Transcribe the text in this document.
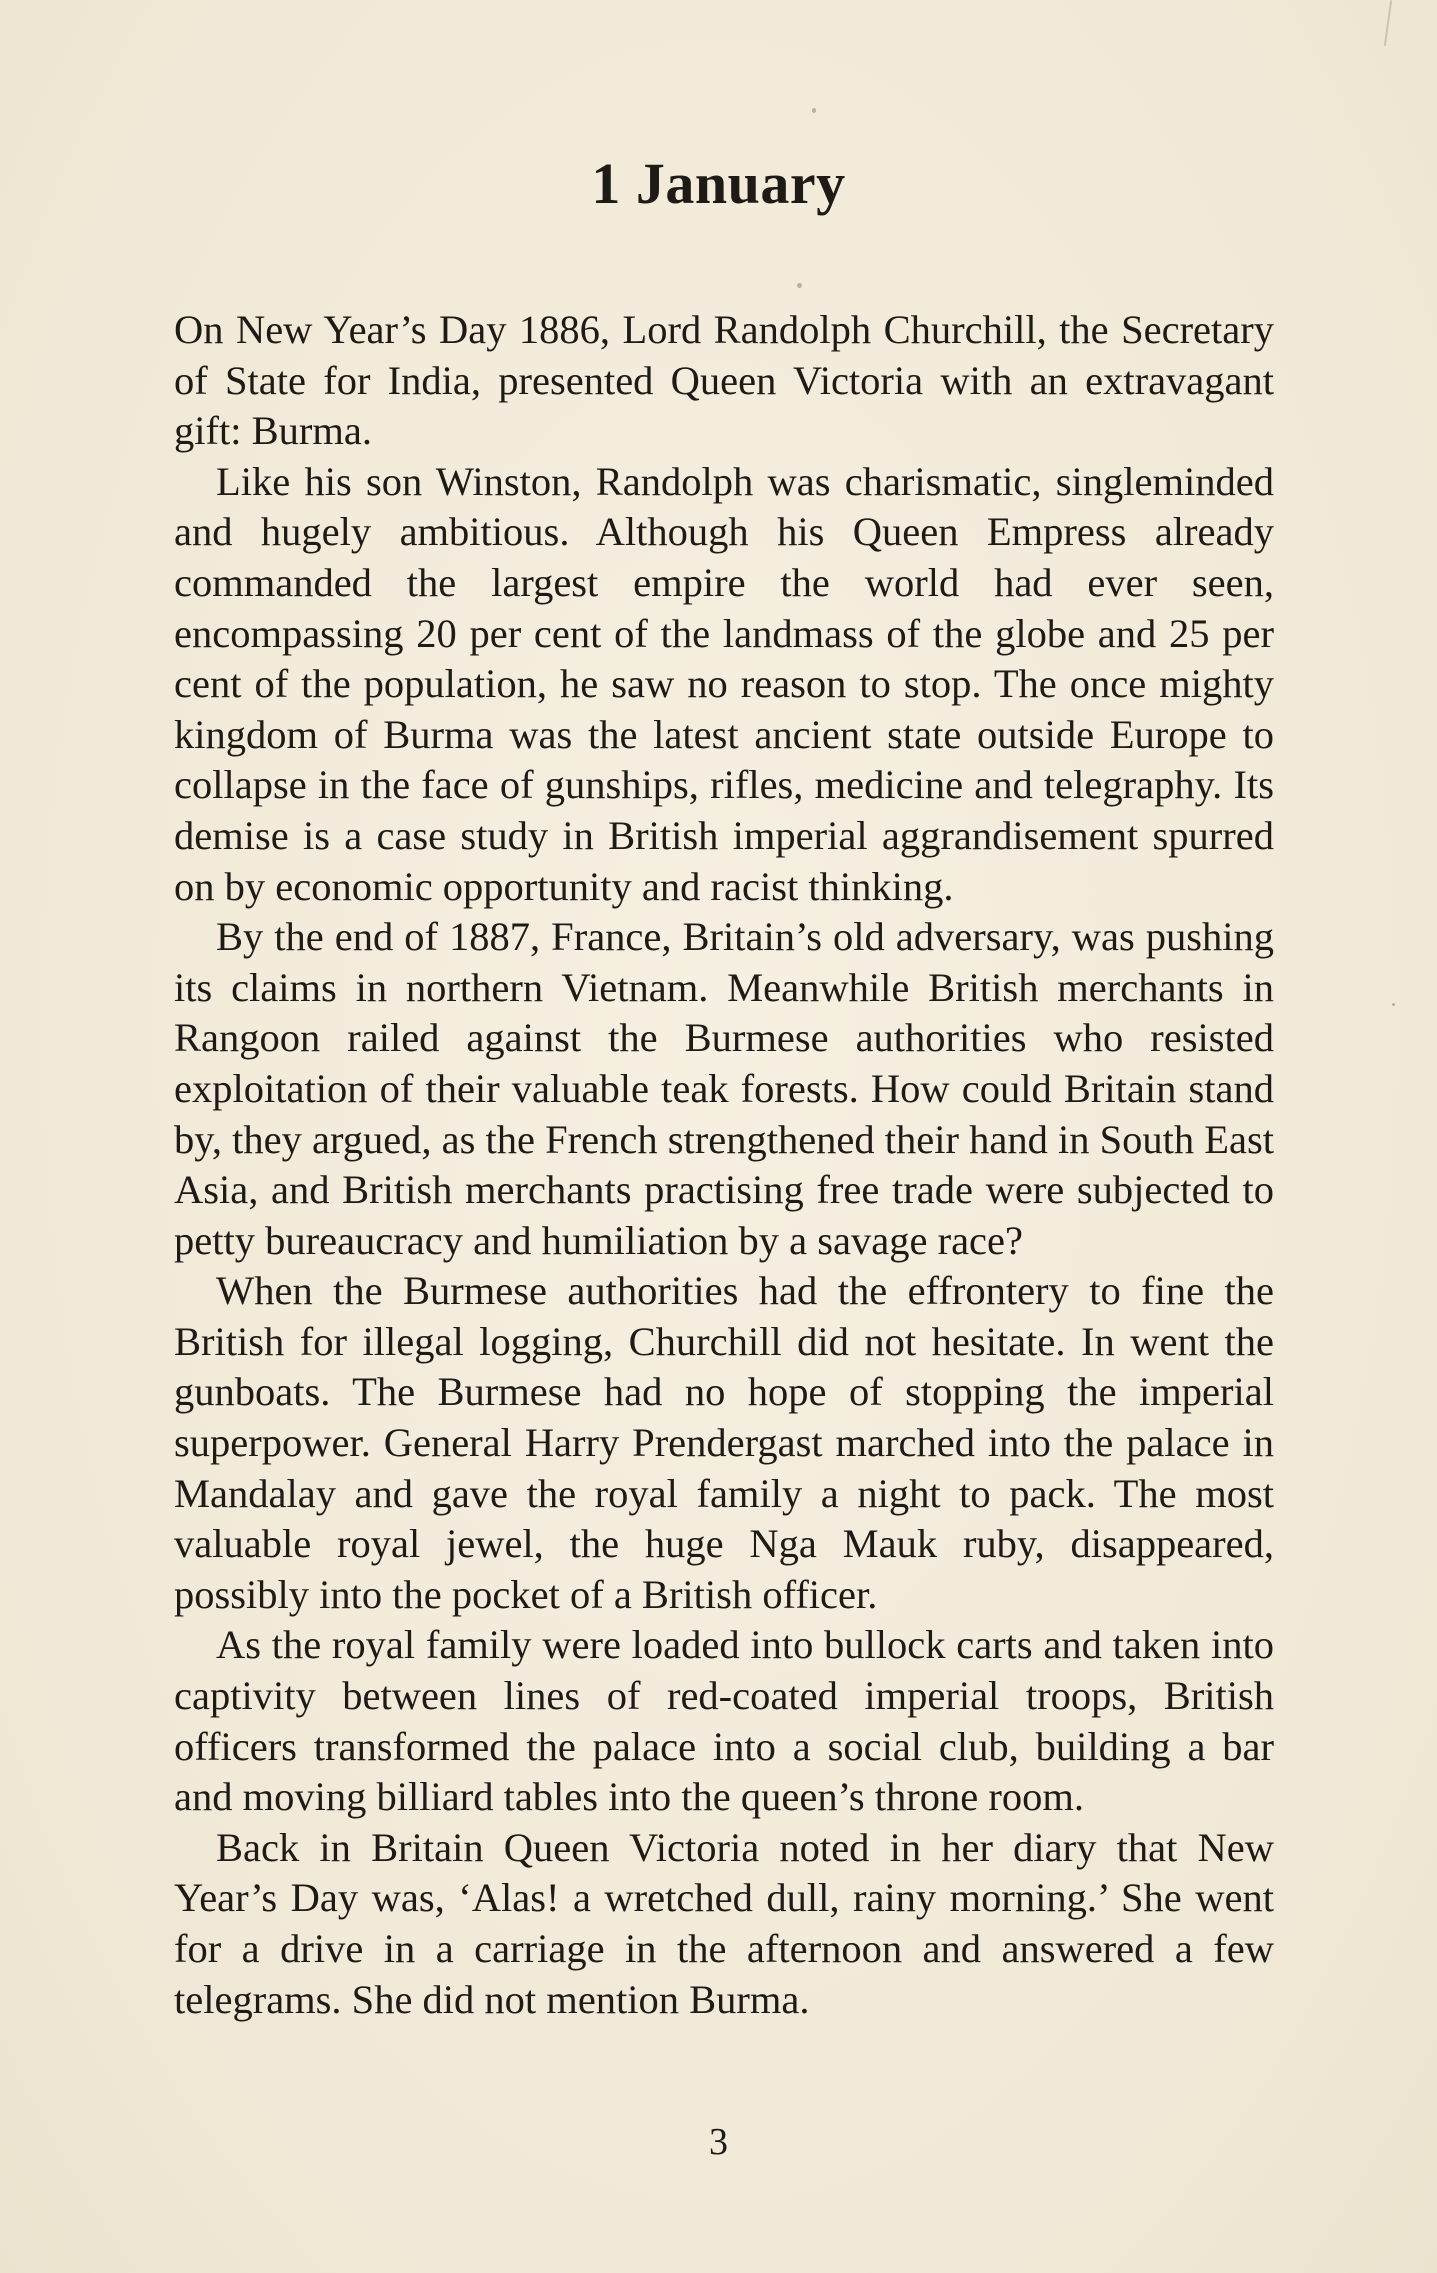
1 January

On New Year’s Day 1886, Lord Randolph Churchill, the Secretary of State for India, presented Queen Victoria with an extravagant gift: Burma.

Like his son Winston, Randolph was charismatic, singleminded and hugely ambitious. Although his Queen Empress already commanded the largest empire the world had ever seen, encompassing 20 per cent of the landmass of the globe and 25 per cent of the population, he saw no reason to stop. The once mighty kingdom of Burma was the latest ancient state outside Europe to collapse in the face of gunships, rifles, medicine and telegraphy. Its demise is a case study in British imperial aggrandisement spurred on by economic opportunity and racist thinking.

By the end of 1887, France, Britain’s old adversary, was pushing its claims in northern Vietnam. Meanwhile British merchants in Rangoon railed against the Burmese authorities who resisted exploitation of their valuable teak forests. How could Britain stand by, they argued, as the French strengthened their hand in South East Asia, and British merchants practising free trade were subjected to petty bureaucracy and humiliation by a savage race?

When the Burmese authorities had the effrontery to fine the British for illegal logging, Churchill did not hesitate. In went the gunboats. The Burmese had no hope of stopping the imperial superpower. General Harry Prendergast marched into the palace in Mandalay and gave the royal family a night to pack. The most valuable royal jewel, the huge Nga Mauk ruby, disappeared, possibly into the pocket of a British officer.

As the royal family were loaded into bullock carts and taken into captivity between lines of red-coated imperial troops, British officers transformed the palace into a social club, building a bar and moving billiard tables into the queen’s throne room.

Back in Britain Queen Victoria noted in her diary that New Year’s Day was, ‘Alas! a wretched dull, rainy morning.’ She went for a drive in a carriage in the afternoon and answered a few telegrams. She did not mention Burma.

3
